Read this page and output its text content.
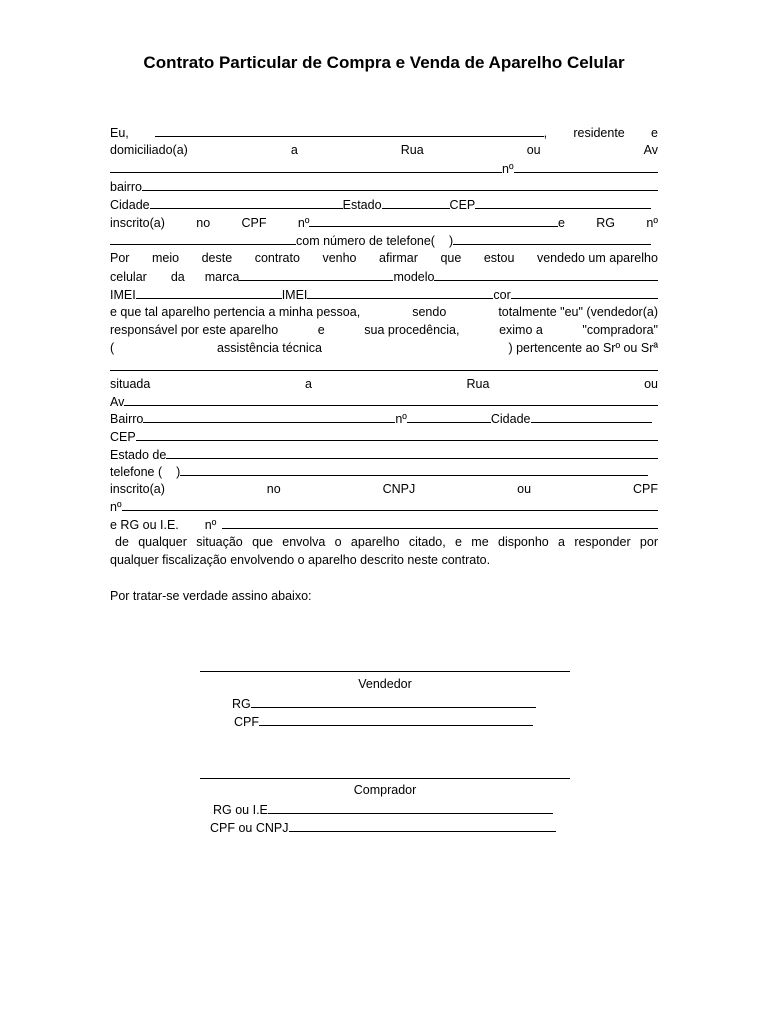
Contrato Particular de Compra e Venda de Aparelho Celular
Eu,	, residente e
domiciliado(a)	a	Rua	ou	Av
nº
bairro
Cidade	Estado	CEP
inscrito(a)	no	CPF	nº	e	RG	nº
com número de telefone( )
Por meio deste contrato venho afirmar que estou vendedo um aparelho
celular da marca	modelo
IMEI	IMEI	cor
e que tal aparelho pertencia a minha pessoa,	sendo	totalmente "eu" (vendedor(a)
responsável por este aparelho	e	sua procedência,	eximo a	"compradora"
(	assistência técnica	) pertencente ao Srº ou Srª
situada	a	Rua	ou
Av
Bairro	nº	Cidade
CEP
Estado de
telefone ( )
inscrito(a)	no	CNPJ	ou	CPF
nº
e RG ou I.E. nº
de qualquer situação que envolva o aparelho citado, e me disponho a responder por
qualquer fiscalização envolvendo o aparelho descrito neste contrato.
Por tratar-se verdade assino abaixo:
Vendedor
RG
CPF
Comprador
RG ou I.E
CPF ou CNPJ
